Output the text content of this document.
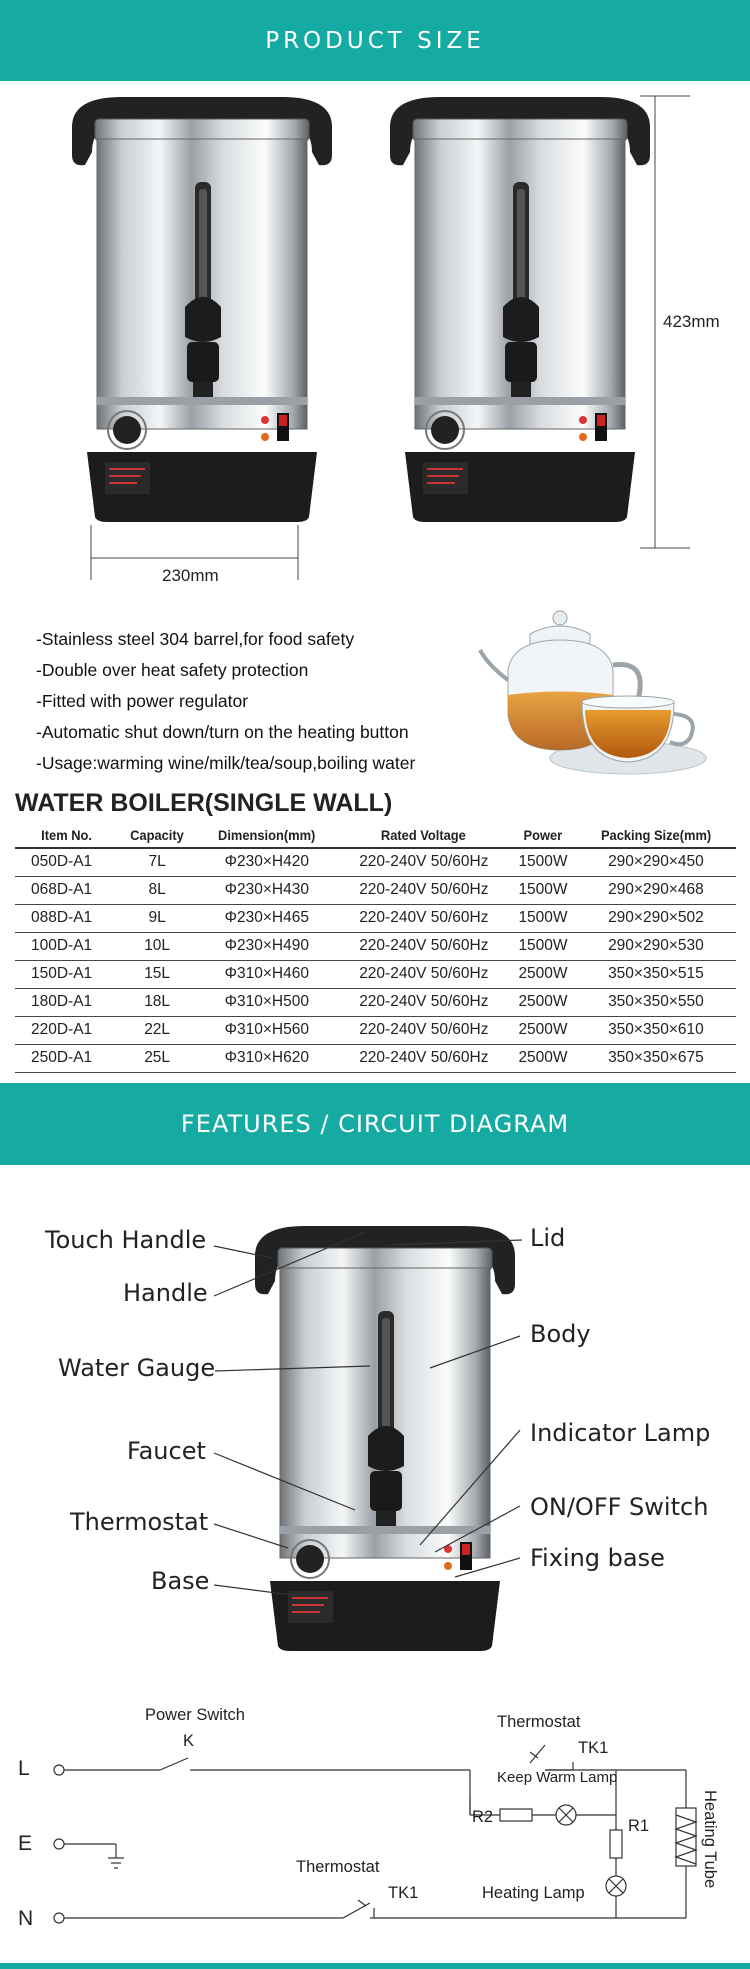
PRODUCT SIZE
423mm
230mm
-Stainless steel 304 barrel,for food safety
-Double over heat safety protection
-Fitted with power regulator
-Automatic shut down/turn on the heating button
-Usage:warming wine/milk/tea/soup,boiling water
WATER BOILER(SINGLE WALL)
Item No.	Capacity	Dimension(mm)	Rated Voltage	Power	Packing Size(mm)
050D-A1	7L	Φ230×H420	220-240V 50/60Hz	1500W	290×290×450
068D-A1	8L	Φ230×H430	220-240V 50/60Hz	1500W	290×290×468
088D-A1	9L	Φ230×H465	220-240V 50/60Hz	1500W	290×290×502
100D-A1	10L	Φ230×H490	220-240V 50/60Hz	1500W	290×290×530
150D-A1	15L	Φ310×H460	220-240V 50/60Hz	2500W	350×350×515
180D-A1	18L	Φ310×H500	220-240V 50/60Hz	2500W	350×350×550
220D-A1	22L	Φ310×H560	220-240V 50/60Hz	2500W	350×350×610
250D-A1	25L	Φ310×H620	220-240V 50/60Hz	2500W	350×350×675
FEATURES / CIRCUIT DIAGRAM
Touch Handle
Handle
Water Gauge
Faucet
Thermostat
Base
Lid
Body
Indicator Lamp
ON/OFF Switch
Fixing base
Power Switch
K
Thermostat
TK1
Keep Warm Lamp
R2	R1	Heating Tube
Thermostat
TK1	Heating Lamp
L
E
N
